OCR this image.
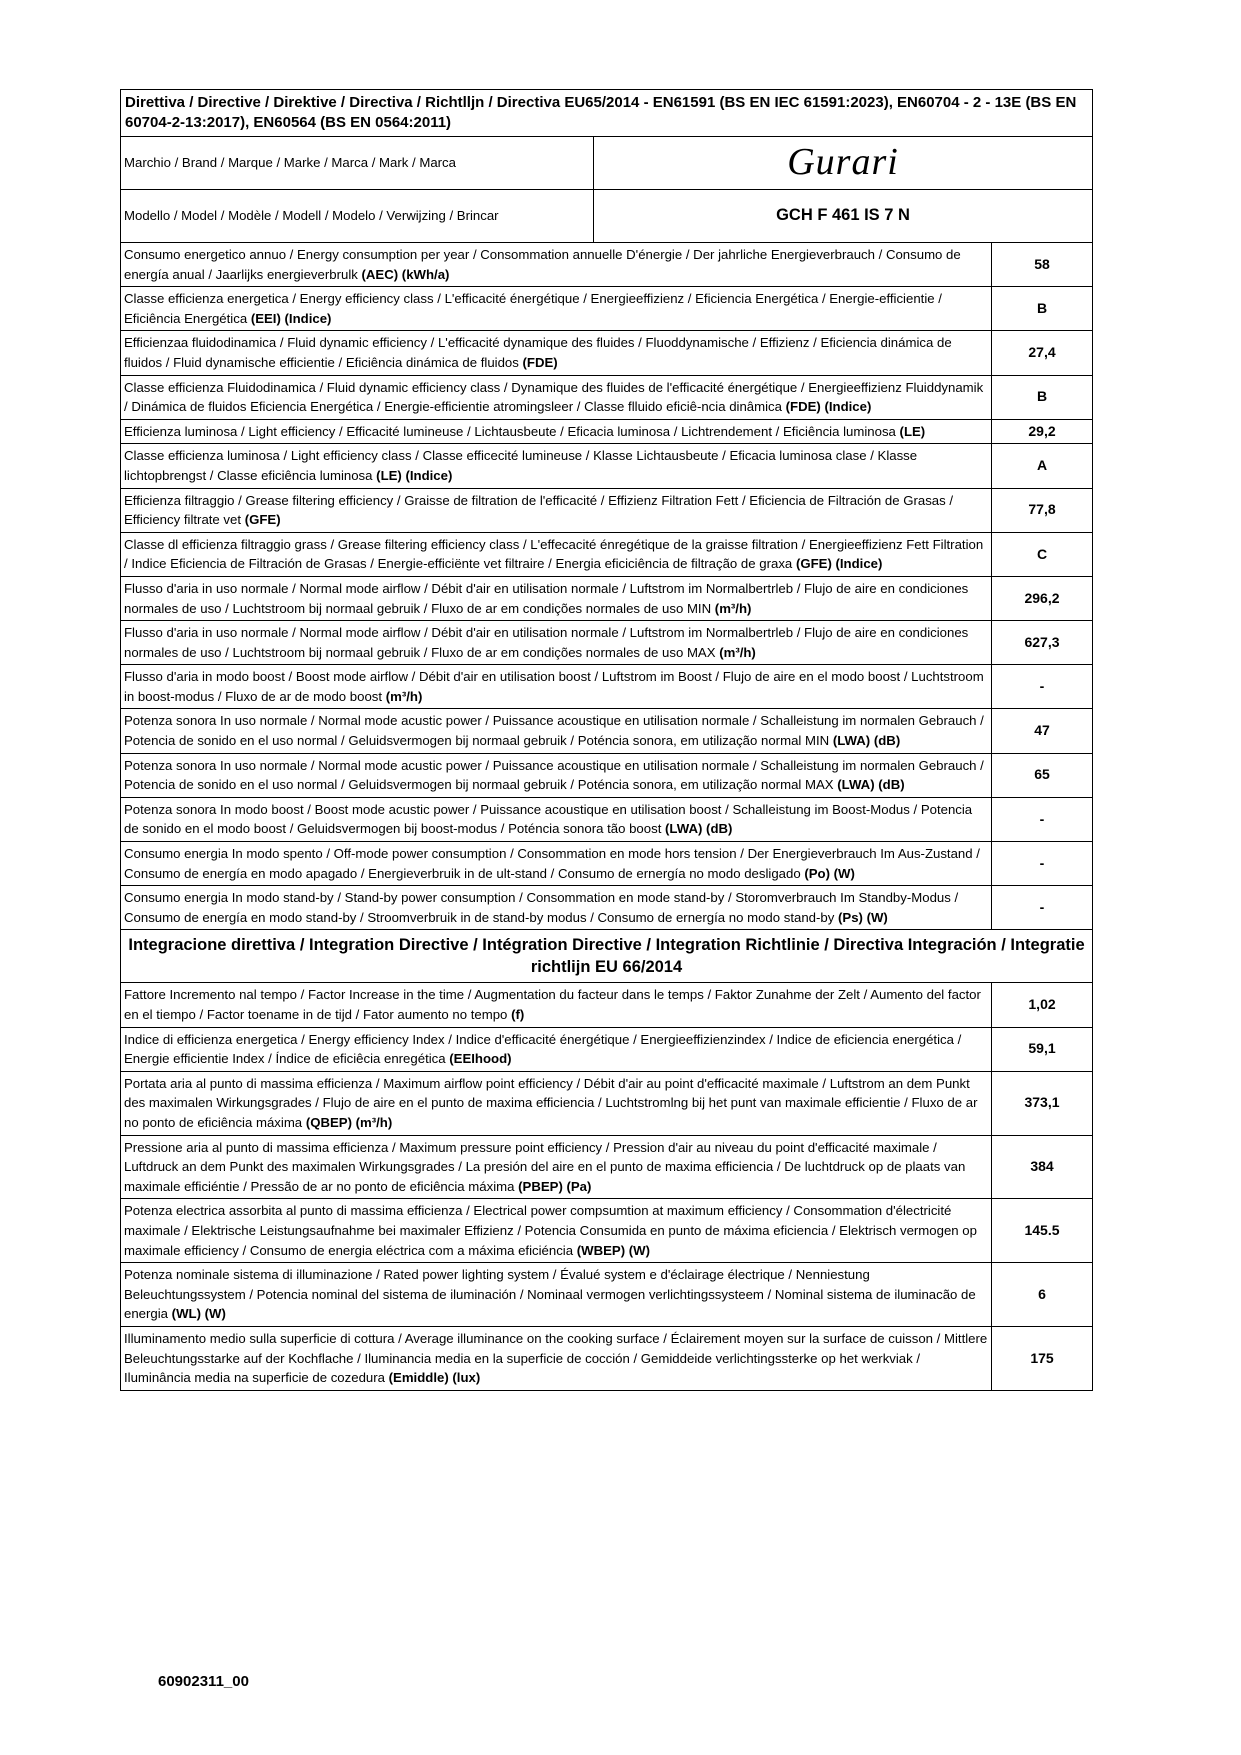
Direttiva / Directive / Direktive / Directiva / Richtlljn / Directiva EU65/2014 - EN61591 (BS EN IEC 61591:2023), EN60704 - 2 - 13E (BS EN 60704-2-13:2017), EN60564 (BS EN 0564:2011)		
Marchio / Brand / Marque / Marke / Marca / Mark / Marca	Gurari	
Modello / Model / Modèle / Modell / Modelo / Verwijzing / Brincar	GCH F 461 IS 7 N	
Consumo energetico annuo / Energy consumption per year / Consommation annuelle D'énergie / Der jahrliche Energieverbrauch / Consumo de energía anual / Jaarlijks energieverbrulk (AEC) (kWh/a)		58
Classe efficienza energetica / Energy efficiency class / L'efficacité énergétique / Energieeffizienz / Eficiencia Energética / Energie-efficientie / Eficiência Energética (EEI) (Indice)		B
Efficienzaa fluidodinamica / Fluid dynamic efficiency / L'efficacité dynamique des fluides / Fluoddynamische / Effizienz / Eficiencia dinámica de fluidos / Fluid dynamische efficientie / Eficiência dinámica de fluidos (FDE)		27,4
Classe efficienza Fluidodinamica / Fluid dynamic efficiency class / Dynamique des fluides de l'efficacité énergétique / Energieeffizienz Fluiddynamik / Dinámica de fluidos Eficiencia Energética / Energie-efficientie atromingsleer / Classe flluido eficiê-ncia dinâmica (FDE) (Indice)		B
Efficienza luminosa / Light efficiency / Efficacité lumineuse / Lichtausbeute / Eficacia luminosa / Lichtrendement / Eficiência luminosa (LE)		29,2
Classe efficienza luminosa / Light efficiency class / Classe efficecité lumineuse / Klasse Lichtausbeute / Eficacia luminosa clase / Klasse lichtopbrengst / Classe eficiência luminosa (LE) (Indice)		A
Efficienza filtraggio / Grease filtering efficiency / Graisse de filtration de l'efficacité / Effizienz Filtration Fett / Eficiencia de Filtración de Grasas / Efficiency filtrate vet (GFE)		77,8
Classe dl efficienza filtraggio grass / Grease filtering efficiency class / L'effecacité énregétique de la graisse filtration / Energieeffizienz Fett Filtration / Indice Eficiencia de Filtración de Grasas / Energie-efficiënte vet filtraire / Energia eficiciência de filtração de graxa (GFE) (Indice)		C
Flusso d'aria in uso normale / Normal mode airflow / Débit d'air en utilisation normale / Luftstrom im Normalbertrleb / Flujo de aire en condiciones normales de uso / Luchtstroom bij normaal gebruik / Fluxo de ar em condições normales de uso MIN (m³/h)		296,2
Flusso d'aria in uso normale / Normal mode airflow / Débit d'air en utilisation normale / Luftstrom im Normalbertrleb / Flujo de aire en condiciones normales de uso / Luchtstroom bij normaal gebruik / Fluxo de ar em condições normales de uso MAX (m³/h)		627,3
Flusso d'aria in modo boost / Boost mode airflow / Débit d'air en utilisation boost / Luftstrom im Boost / Flujo de aire en el modo boost / Luchtstroom in boost-modus / Fluxo de ar de modo boost (m³/h)		-
Potenza sonora In uso normale / Normal mode acustic power / Puissance acoustique en utilisation normale / Schalleistung im normalen Gebrauch / Potencia de sonido en el uso normal / Geluidsvermogen bij normaal gebruik / Poténcia sonora, em utilização normal MIN (LWA) (dB)		47
Potenza sonora In uso normale / Normal mode acustic power / Puissance acoustique en utilisation normale / Schalleistung im normalen Gebrauch / Potencia de sonido en el uso normal / Geluidsvermogen bij normaal gebruik / Poténcia sonora, em utilização normal MAX (LWA) (dB)		65
Potenza sonora In modo boost / Boost mode acustic power / Puissance acoustique en utilisation boost / Schalleistung im Boost-Modus / Potencia de sonido en el modo boost / Geluidsvermogen bij boost-modus / Poténcia sonora tão boost (LWA) (dB)		-
Consumo energia In modo spento / Off-mode power consumption / Consommation en mode hors tension / Der Energieverbrauch Im Aus-Zustand / Consumo de energía en modo apagado / Energieverbruik in de ult-stand / Consumo de ernergía no modo desligado (Po) (W)		-
Consumo energia In modo stand-by / Stand-by power consumption / Consommation en mode stand-by / Storomverbrauch Im Standby-Modus / Consumo de energía en modo stand-by / Stroomverbruik in de stand-by modus / Consumo de ernergía no modo stand-by (Ps) (W)		-
Integracione direttiva / Integration Directive / Intégration Directive / Integration Richtlinie / Directiva Integración / Integratie richtlijn EU 66/2014		
Fattore Incremento nal tempo / Factor Increase in the time / Augmentation du facteur dans le temps / Faktor Zunahme der Zelt / Aumento del factor en el tiempo / Factor toename in de tijd / Fator aumento no tempo (f)		1,02
Indice di efficienza energetica / Energy efficiency Index / Indice d'efficacité énergétique / Energieeffizienzindex / Indice de eficiencia energética / Energie efficientie Index / Índice de eficiêcia enregética (EEIhood)		59,1
Portata aria al punto di massima efficienza / Maximum airflow point efficiency / Débit d'air au point d'efficacité maximale / Luftstrom an dem Punkt des maximalen Wirkungsgrades / Flujo de aire en el punto de maxima efficiencia / Luchtstromlng bij het punt van maximale efficientie / Fluxo de ar no ponto de eficiência máxima (QBEP) (m³/h)		373,1
Pressione aria al punto di massima efficienza / Maximum pressure point efficiency / Pression d'air au niveau du point d'efficacité maximale / Luftdruck an dem Punkt des maximalen Wirkungsgrades / La presión del aire en el punto de maxima efficiencia / De luchtdruck op de plaats van maximale efficiéntie / Pressão de ar no ponto de eficiência máxima (PBEP) (Pa)		384
Potenza electrica assorbita al punto di massima efficienza / Electrical power compsumtion at maximum efficiency / Consommation d'électricité maximale / Elektrische Leistungsaufnahme bei maximaler Effizienz / Potencia Consumida en punto de máxima eficiencia / Elektrisch vermogen op maximale efficiency / Consumo de energia eléctrica com a máxima eficiéncia (WBEP) (W)		145.5
Potenza nominale sistema di illuminazione / Rated power lighting system / Évalué system e d'éclairage électrique / Nenniestung Beleuchtungssystem / Potencia nominal del sistema de iluminación / Nominaal vermogen verlichtingssysteem / Nominal sistema de iluminacão de energia (WL) (W)		6
Illuminamento medio sulla superficie di cottura / Average illuminance on the cooking surface / Éclairement moyen sur la surface de cuisson / Mittlere Beleuchtungsstarke auf der Kochflache / Iluminancia media en la superficie de cocción / Gemiddeide verlichtingssterke op het werkviak / Iluminância media na superficie de cozedura (Emiddle) (lux)		175
60902311_00
